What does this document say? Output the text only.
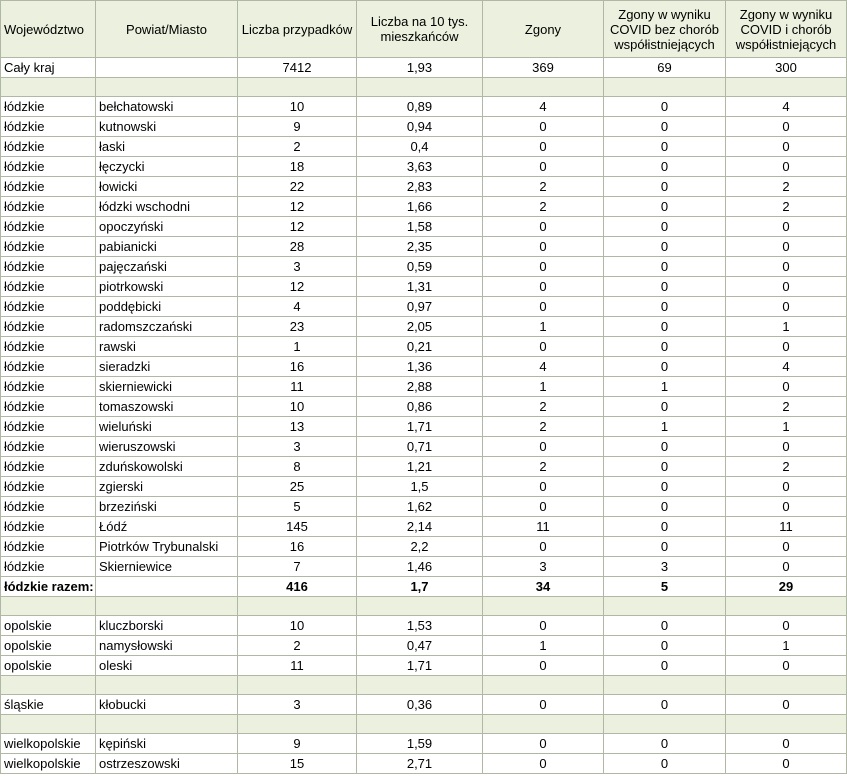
Województwo	Powiat/Miasto	Liczba przypadków	Liczba na 10 tys. mieszkańców	Zgony	Zgony w wyniku COVID bez chorób współistniejących	Zgony w wyniku COVID i chorób współistniejących
Cały kraj		7412	1,93	369	69	300

łódzkie	bełchatowski	10	0,89	4	0	4
łódzkie	kutnowski	9	0,94	0	0	0
łódzkie	łaski	2	0,4	0	0	0
łódzkie	łęczycki	18	3,63	0	0	0
łódzkie	łowicki	22	2,83	2	0	2
łódzkie	łódzki wschodni	12	1,66	2	0	2
łódzkie	opoczyński	12	1,58	0	0	0
łódzkie	pabianicki	28	2,35	0	0	0
łódzkie	pajęczański	3	0,59	0	0	0
łódzkie	piotrkowski	12	1,31	0	0	0
łódzkie	poddębicki	4	0,97	0	0	0
łódzkie	radomszczański	23	2,05	1	0	1
łódzkie	rawski	1	0,21	0	0	0
łódzkie	sieradzki	16	1,36	4	0	4
łódzkie	skierniewicki	11	2,88	1	1	0
łódzkie	tomaszowski	10	0,86	2	0	2
łódzkie	wieluński	13	1,71	2	1	1
łódzkie	wieruszowski	3	0,71	0	0	0
łódzkie	zduńskowolski	8	1,21	2	0	2
łódzkie	zgierski	25	1,5	0	0	0
łódzkie	brzeziński	5	1,62	0	0	0
łódzkie	Łódź	145	2,14	11	0	11
łódzkie	Piotrków Trybunalski	16	2,2	0	0	0
łódzkie	Skierniewice	7	1,46	3	3	0
łódzkie razem:		416	1,7	34	5	29

opolskie	kluczborski	10	1,53	0	0	0
opolskie	namysłowski	2	0,47	1	0	1
opolskie	oleski	11	1,71	0	0	0

śląskie	kłobucki	3	0,36	0	0	0

wielkopolskie	kępiński	9	1,59	0	0	0
wielkopolskie	ostrzeszowski	15	2,71	0	0	0
